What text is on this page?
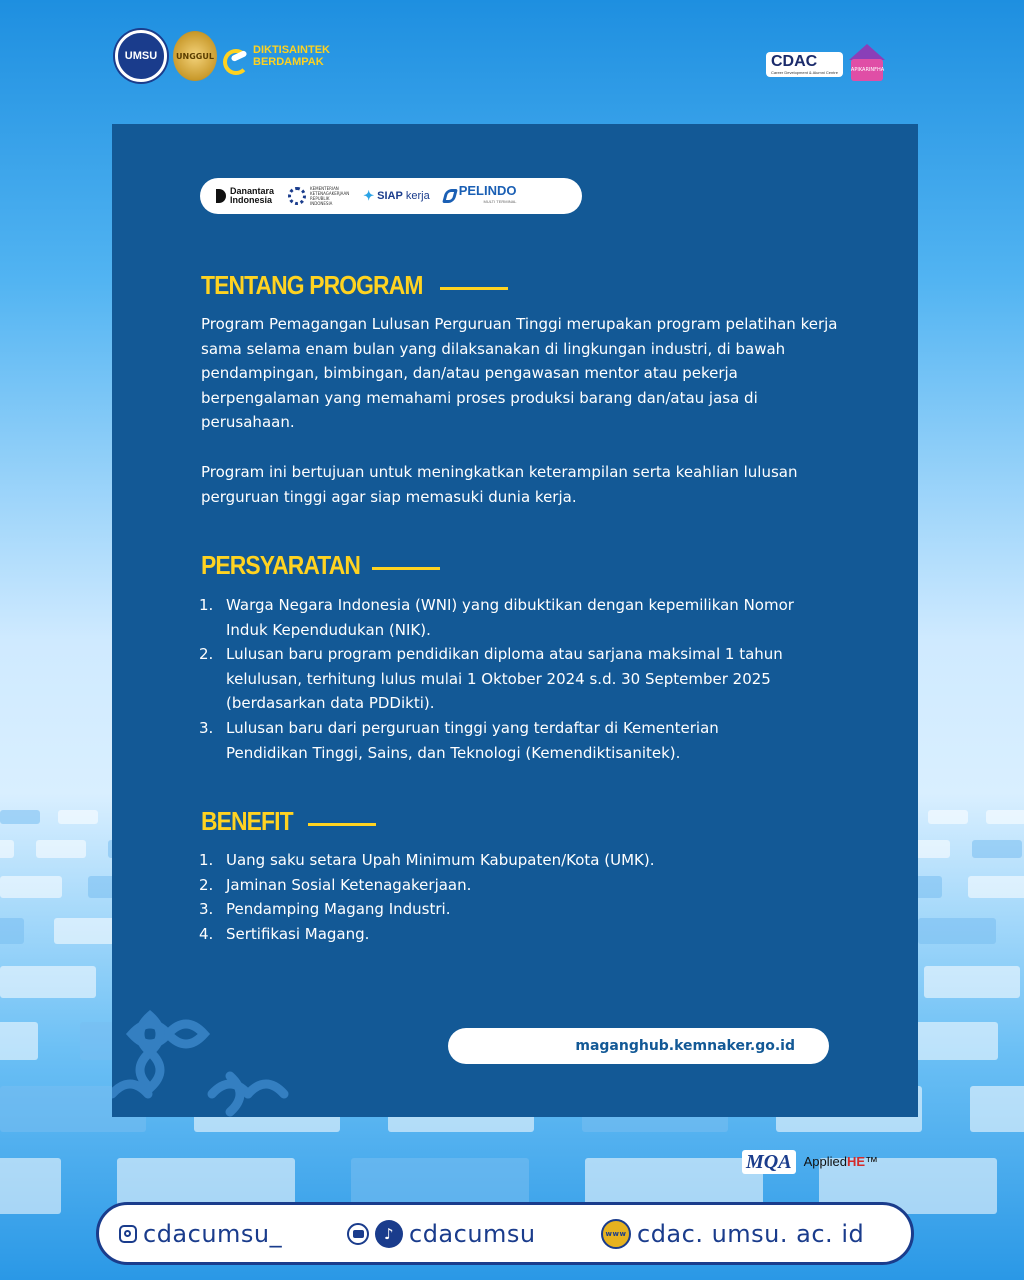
UMSU UNGGUL	DIKTISAINTEK
BERDAMPAK	CDAC
Career Development & Alumni Centre	APIKARINFHA
Danantara
Indonesia
KEMENTERIAN
KETENAGAKERJAAN
REPUBLIK
INDONESIA
✦ SIAP kerja PELINDO
MULTI TERMINAL
TENTANG PROGRAM
Program Pemagangan Lulusan Perguruan Tinggi merupakan program pelatihan kerja sama selama enam bulan yang dilaksanakan di lingkungan industri, di bawah pendampingan, bimbingan, dan/atau pengawasan mentor atau pekerja berpengalaman yang memahami proses produksi barang dan/atau jasa di perusahaan.
Program ini bertujuan untuk meningkatkan keterampilan serta keahlian lulusan perguruan tinggi agar siap memasuki dunia kerja.
PERSYARATAN
1. Warga Negara Indonesia (WNI) yang dibuktikan dengan kepemilikan Nomor Induk Kependudukan (NIK).
2. Lulusan baru program pendidikan diploma atau sarjana maksimal 1 tahun kelulusan, terhitung lulus mulai 1 Oktober 2024 s.d. 30 September 2025 (berdasarkan data PDDikti).
3. Lulusan baru dari perguruan tinggi yang terdaftar di Kementerian Pendidikan Tinggi, Sains, dan Teknologi (Kemendiktisanitek).
BENEFIT
1. Uang saku setara Upah Minimum Kabupaten/Kota (UMK).
2. Jaminan Sosial Ketenagakerjaan.
3. Pendamping Magang Industri.
4. Sertifikasi Magang.
maganghub.kemnaker.go.id
MQA AppliedHE™
cdacumsu_	♪ cdacumsu	www cdac. umsu. ac. id
